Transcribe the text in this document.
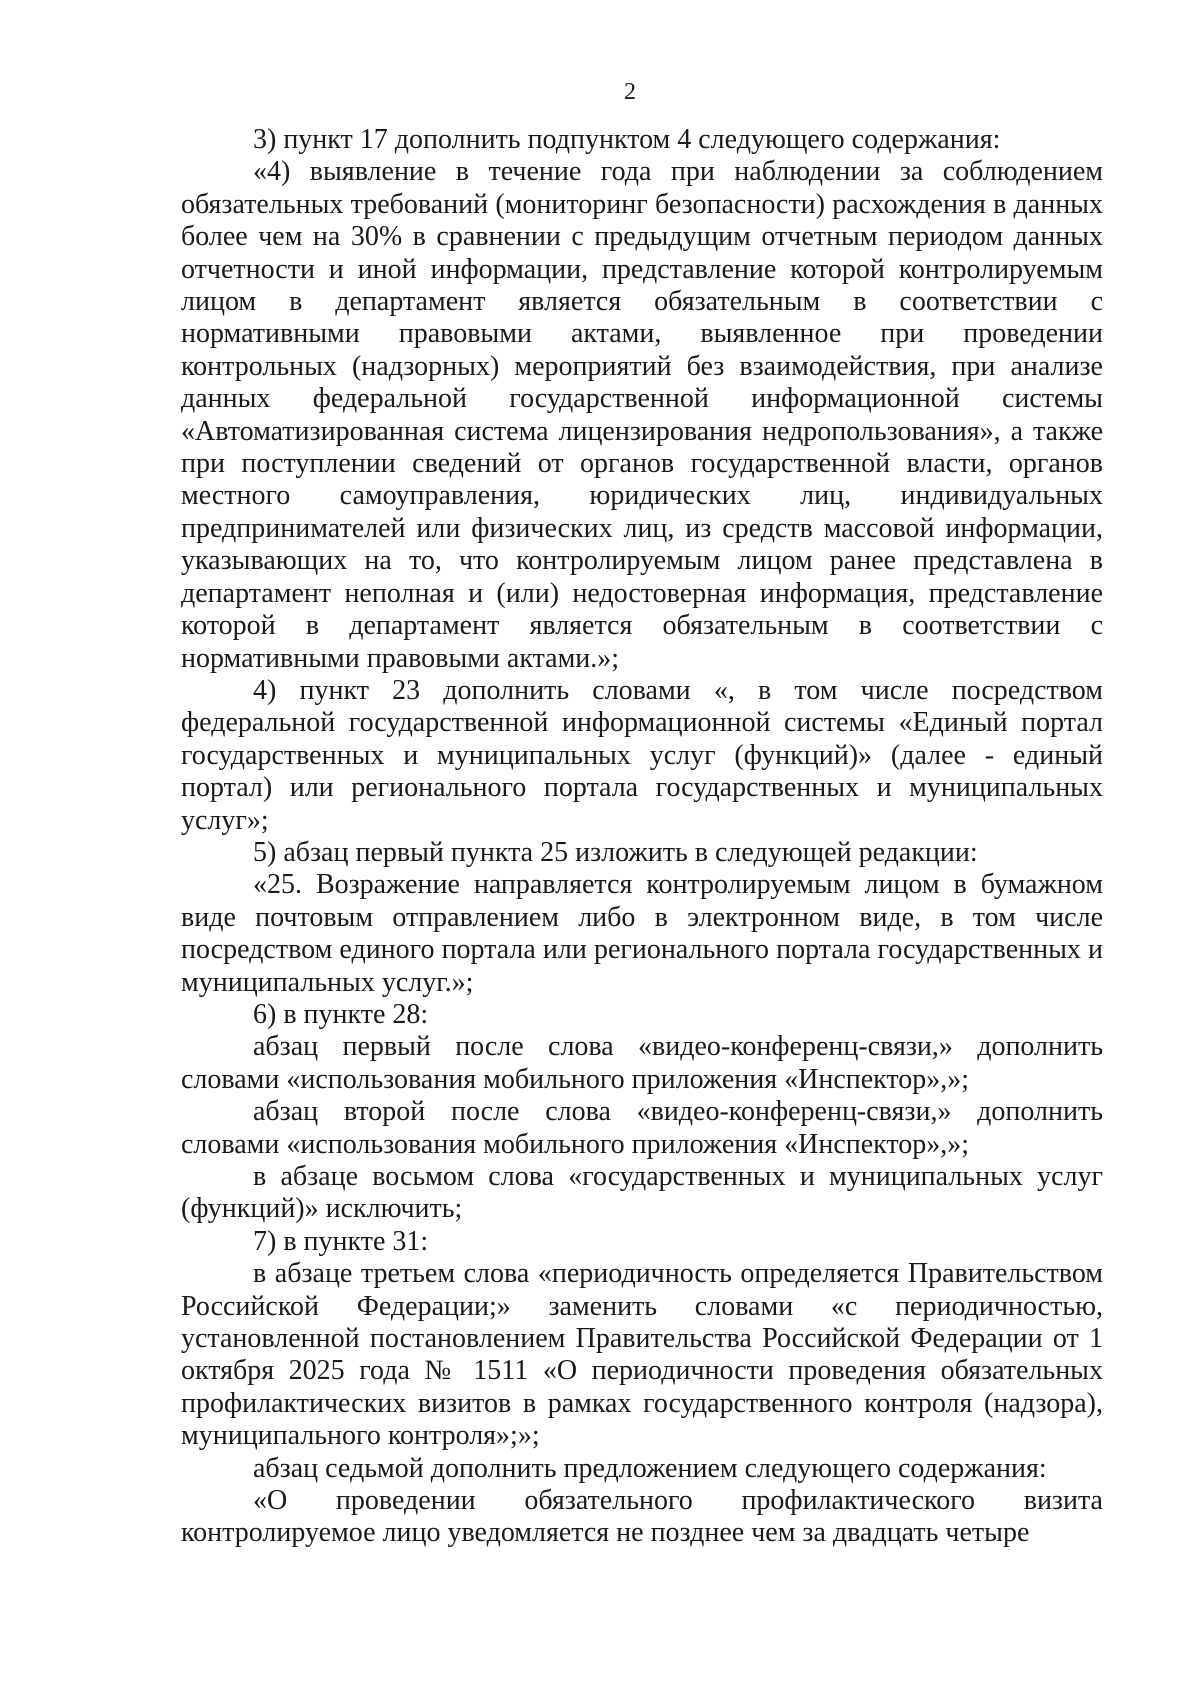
2

3) пункт 17 дополнить подпунктом 4 следующего содержания:

«4) выявление в течение года при наблюдении за соблюдением обязательных требований (мониторинг безопасности) расхождения в данных более чем на 30% в сравнении с предыдущим отчетным периодом данных отчетности и иной информации, представление которой контролируемым лицом в департамент является обязательным в соответствии с нормативными правовыми актами, выявленное при проведении контрольных (надзорных) мероприятий без взаимодействия, при анализе данных федеральной государственной информационной системы «Автоматизированная система лицензирования недропользования», а также при поступлении сведений от органов государственной власти, органов местного самоуправления, юридических лиц, индивидуальных предпринимателей или физических лиц, из средств массовой информации, указывающих на то, что контролируемым лицом ранее представлена в департамент неполная и (или) недостоверная информация, представление которой в департамент является обязательным в соответствии с нормативными правовыми актами.»;

4) пункт 23 дополнить словами «, в том числе посредством федеральной государственной информационной системы «Единый портал государственных и муниципальных услуг (функций)» (далее - единый портал) или регионального портала государственных и муниципальных услуг»;

5) абзац первый пункта 25 изложить в следующей редакции:

«25. Возражение направляется контролируемым лицом в бумажном виде почтовым отправлением либо в электронном виде, в том числе посредством единого портала или регионального портала государственных и муниципальных услуг.»;

6) в пункте 28:

абзац первый после слова «видео-конференц-связи,» дополнить словами «использования мобильного приложения «Инспектор»,»;

абзац второй после слова «видео-конференц-связи,» дополнить словами «использования мобильного приложения «Инспектор»,»;

в абзаце восьмом слова «государственных и муниципальных услуг (функций)» исключить;

7) в пункте 31:

в абзаце третьем слова «периодичность определяется Правительством Российской Федерации;» заменить словами «с периодичностью, установленной постановлением Правительства Российской Федерации от 1 октября 2025 года № 1511 «О периодичности проведения обязательных профилактических визитов в рамках государственного контроля (надзора), муниципального контроля»;»;

абзац седьмой дополнить предложением следующего содержания:

«О проведении обязательного профилактического визита контролируемое лицо уведомляется не позднее чем за двадцать четыре
